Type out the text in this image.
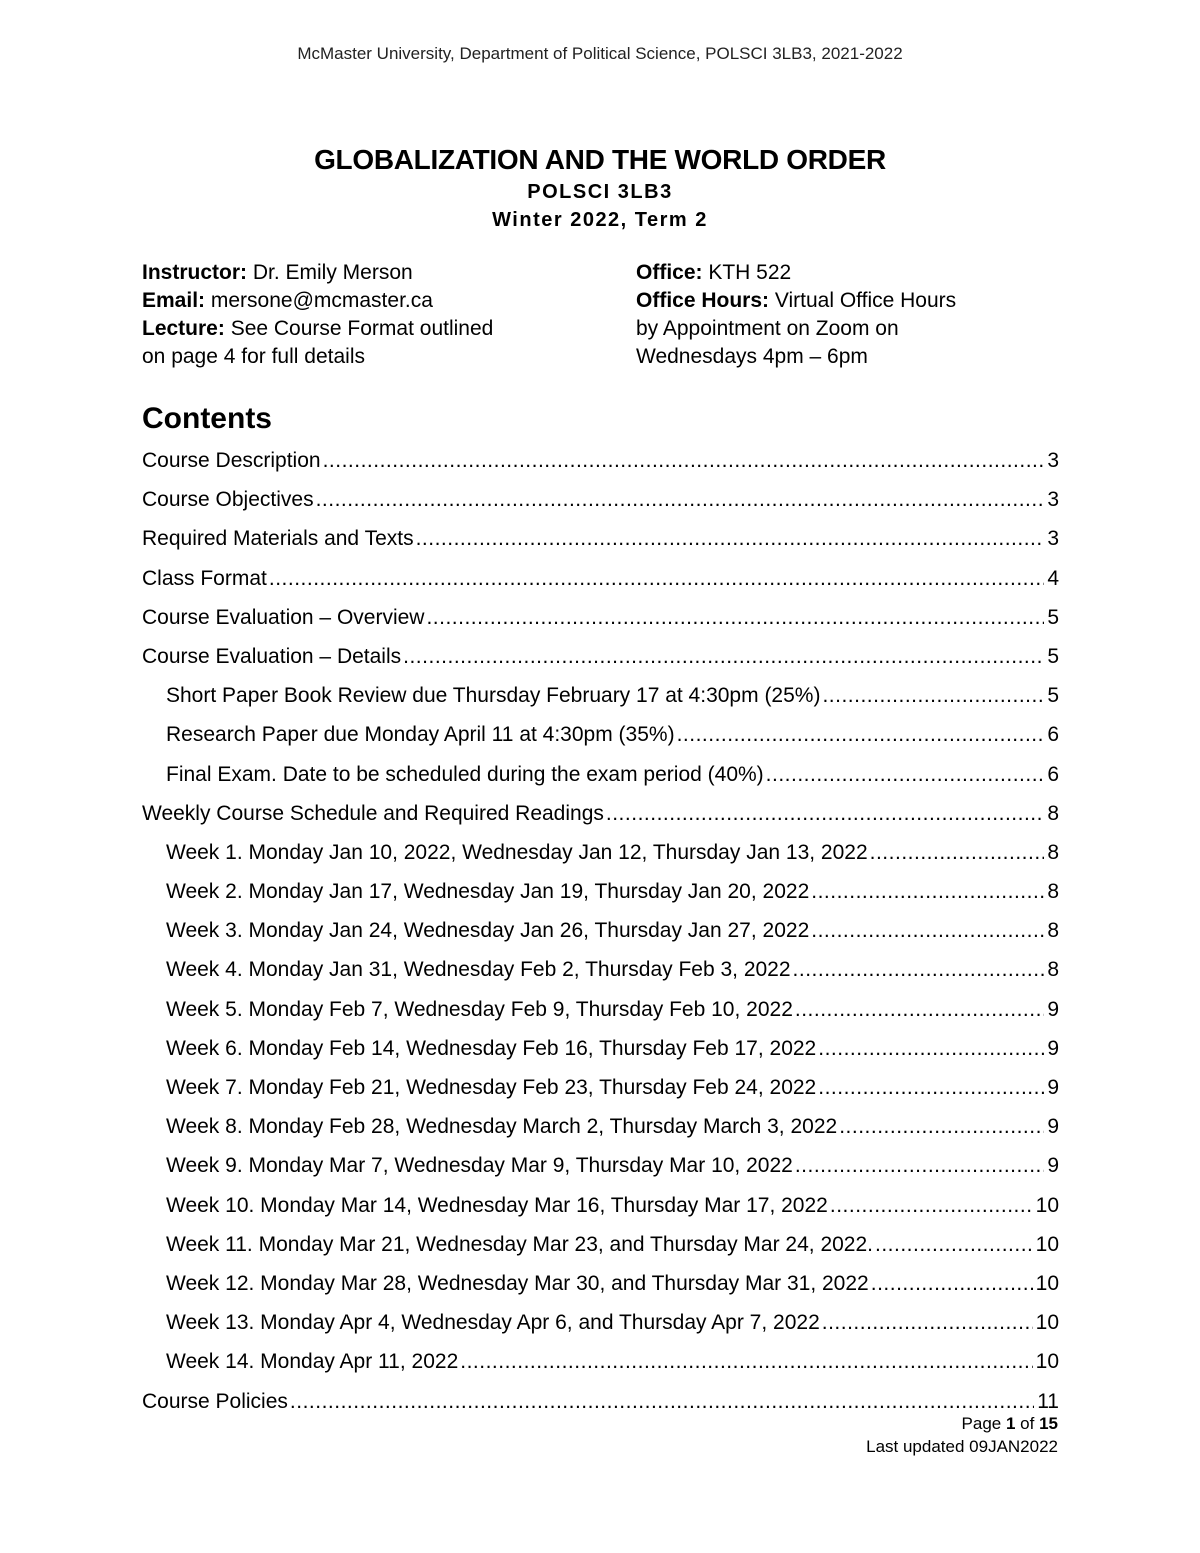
McMaster University, Department of Political Science, POLSCI 3LB3, 2021-2022
GLOBALIZATION AND THE WORLD ORDER
POLSCI 3LB3
Winter 2022, Term 2
Instructor: Dr. Emily Merson
Email: mersone@mcmaster.ca
Lecture: See Course Format outlined
on page 4 for full details
Office: KTH 522
Office Hours: Virtual Office Hours
by Appointment on Zoom on
Wednesdays 4pm – 6pm
Contents
Course Description .....	3
Course Objectives .....	3
Required Materials and Texts .....	3
Class Format .....	4
Course Evaluation – Overview .....	5
Course Evaluation – Details .....	5
Short Paper Book Review due Thursday February 17 at 4:30pm (25%) .....	5
Research Paper due Monday April 11 at 4:30pm (35%) .....	6
Final Exam. Date to be scheduled during the exam period (40%) .....	6
Weekly Course Schedule and Required Readings .....	8
Week 1. Monday Jan 10, 2022, Wednesday Jan 12, Thursday Jan 13, 2022 .....	8
Week 2. Monday Jan 17, Wednesday Jan 19, Thursday Jan 20, 2022 .....	8
Week 3. Monday Jan 24, Wednesday Jan 26, Thursday Jan 27, 2022 .....	8
Week 4. Monday Jan 31, Wednesday Feb 2, Thursday Feb 3, 2022 .....	8
Week 5. Monday Feb 7, Wednesday Feb 9, Thursday Feb 10, 2022 .....	9
Week 6. Monday Feb 14, Wednesday Feb 16, Thursday Feb 17, 2022 .....	9
Week 7. Monday Feb 21, Wednesday Feb 23, Thursday Feb 24, 2022 .....	9
Week 8. Monday Feb 28, Wednesday March 2, Thursday March 3, 2022 .....	9
Week 9. Monday Mar 7, Wednesday Mar 9, Thursday Mar 10, 2022 .....	9
Week 10. Monday Mar 14, Wednesday Mar 16, Thursday Mar 17, 2022 .....	10
Week 11. Monday Mar 21, Wednesday Mar 23, and Thursday Mar 24, 2022. .....	10
Week 12. Monday Mar 28, Wednesday Mar 30, and Thursday Mar 31, 2022 .....	10
Week 13. Monday Apr 4, Wednesday Apr 6, and Thursday Apr 7, 2022 .....	10
Week 14. Monday Apr 11, 2022 .....	10
Course Policies .....	11
Page 1 of 15
Last updated 09JAN2022
